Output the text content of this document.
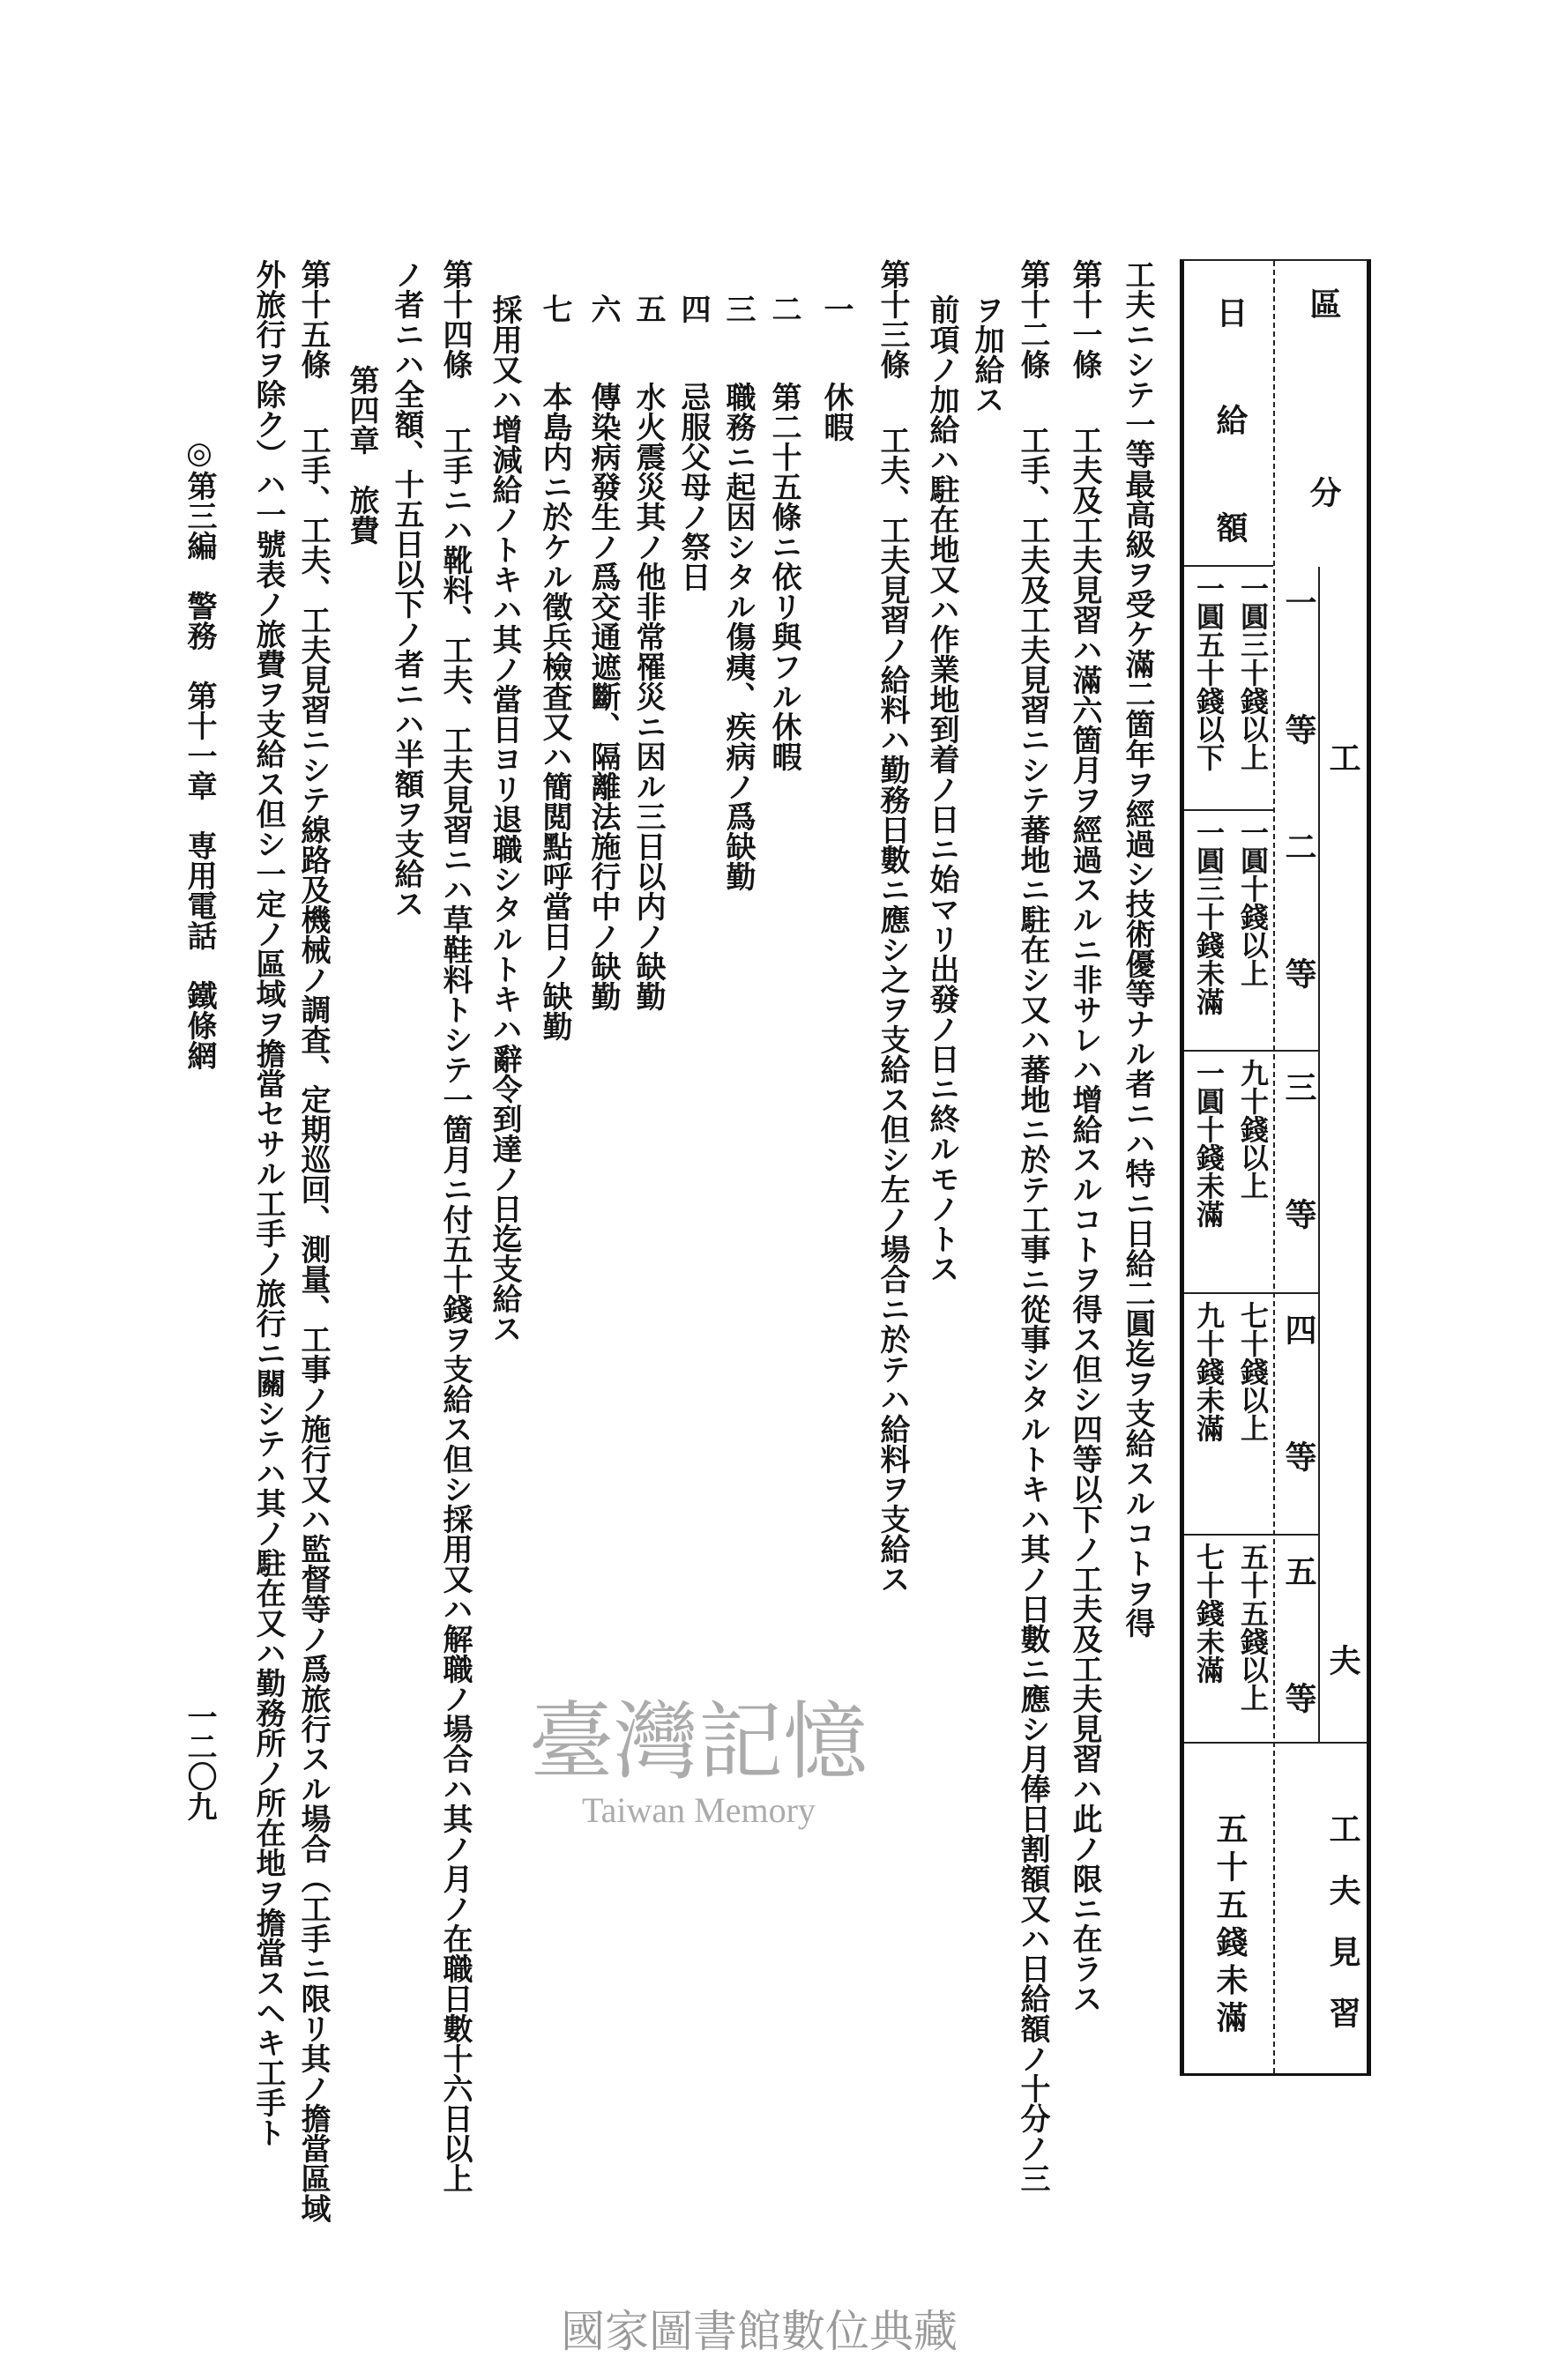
區分
日給額
工夫
一等
一圓三十錢以上
一圓五十錢以下
二等
一圓十錢以上
一圓三十錢未滿
三等
九十錢以上
一圓十錢未滿
四等
七十錢以上
九十錢未滿
五等
五十五錢以上
七十錢未滿
工夫見習
五十五錢未滿
工夫ニシテ一等最高級ヲ受ケ滿二箇年ヲ經過シ技術優等ナル者ニハ特ニ日給二圓迄ヲ支給スルコトヲ得
第十一條　工夫及工夫見習ハ滿六箇月ヲ經過スルニ非サレハ增給スルコトヲ得ス但シ四等以下ノ工夫及工夫見習ハ此ノ限ニ在ラス
第十二條　工手、工夫及工夫見習ニシテ蕃地ニ駐在シ又ハ蕃地ニ於テ工事ニ從事シタルトキハ其ノ日數ニ應シ月俸日割額又ハ日給額ノ十分ノ三
ヲ加給ス
前項ノ加給ハ駐在地又ハ作業地到着ノ日ニ始マリ出發ノ日ニ終ルモノトス
第十三條　工夫、工夫見習ノ給料ハ勤務日數ニ應シ之ヲ支給ス但シ左ノ場合ニ於テハ給料ヲ支給ス
一　休暇
二　第二十五條ニ依リ與フル休暇
三　職務ニ起因シタル傷痍、疾病ノ爲缺勤
四　忌服父母ノ祭日
五　水火震災其ノ他非常罹災ニ因ル三日以内ノ缺勤
六　傳染病發生ノ爲交通遮斷、隔離法施行中ノ缺勤
七　本島内ニ於ケル徵兵檢査又ハ簡閲點呼當日ノ缺勤
採用又ハ增減給ノトキハ其ノ當日ヨリ退職シタルトキハ辭令到達ノ日迄支給ス
第十四條　工手ニハ靴料、工夫、工夫見習ニハ草鞋料トシテ一箇月ニ付五十錢ヲ支給ス但シ採用又ハ解職ノ場合ハ其ノ月ノ在職日數十六日以上
ノ者ニハ全額、十五日以下ノ者ニハ半額ヲ支給ス
第四章　旅費
第十五條　工手、工夫、工夫見習ニシテ線路及機械ノ調査、定期巡回、測量、工事ノ施行又ハ監督等ノ爲旅行スル場合（工手ニ限リ其ノ擔當區域
外旅行ヲ除ク）ハ一號表ノ旅費ヲ支給ス但シ一定ノ區域ヲ擔當セサル工手ノ旅行ニ關シテハ其ノ駐在又ハ勤務所ノ所在地ヲ擔當スヘキ工手ト
◎第三編　警務　第十一章　専用電話　鐵條網
一二〇九	臺灣記憶
Taiwan Memory
國家圖書館數位典藏
